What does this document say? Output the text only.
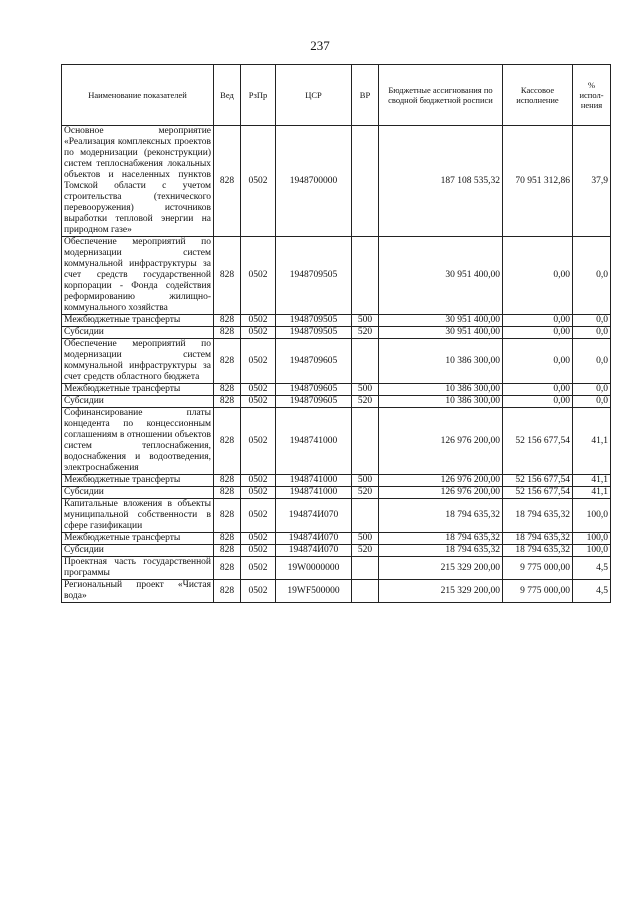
237
Наименование показателей	Вед	РзПр	ЦСР	ВР	Бюджетные ассигнования по сводной бюджетной росписи	Кассовое исполнение	% испол-нения
Основное мероприятие «Реализация комплексных проектов по модернизации (реконструкции) систем теплоснабжения локальных объектов и населенных пунктов Томской области с учетом строительства (технического перевооружения) источников выработки тепловой энергии на природном газе»	828	0502	1948700000		187 108 535,32	70 951 312,86	37,9
Обеспечение мероприятий по модернизации систем коммунальной инфраструктуры за счет средств государственной корпорации - Фонда содействия реформированию жилищно-коммунального хозяйства	828	0502	1948709505		30 951 400,00	0,00	0,0
Межбюджетные трансферты	828	0502	1948709505	500	30 951 400,00	0,00	0,0
Субсидии	828	0502	1948709505	520	30 951 400,00	0,00	0,0
Обеспечение мероприятий по модернизации систем коммунальной инфраструктуры за счет средств областного бюджета	828	0502	1948709605		10 386 300,00	0,00	0,0
Межбюджетные трансферты	828	0502	1948709605	500	10 386 300,00	0,00	0,0
Субсидии	828	0502	1948709605	520	10 386 300,00	0,00	0,0
Софинансирование платы концедента по концессионным соглашениям в отношении объектов систем теплоснабжения, водоснабжения и водоотведения, электроснабжения	828	0502	1948741000		126 976 200,00	52 156 677,54	41,1
Межбюджетные трансферты	828	0502	1948741000	500	126 976 200,00	52 156 677,54	41,1
Субсидии	828	0502	1948741000	520	126 976 200,00	52 156 677,54	41,1
Капитальные вложения в объекты муниципальной собственности в сфере газификации	828	0502	194874И070		18 794 635,32	18 794 635,32	100,0
Межбюджетные трансферты	828	0502	194874И070	500	18 794 635,32	18 794 635,32	100,0
Субсидии	828	0502	194874И070	520	18 794 635,32	18 794 635,32	100,0
Проектная часть государственной программы	828	0502	19W0000000		215 329 200,00	9 775 000,00	4,5
Региональный проект «Чистая вода»	828	0502	19WF500000		215 329 200,00	9 775 000,00	4,5
